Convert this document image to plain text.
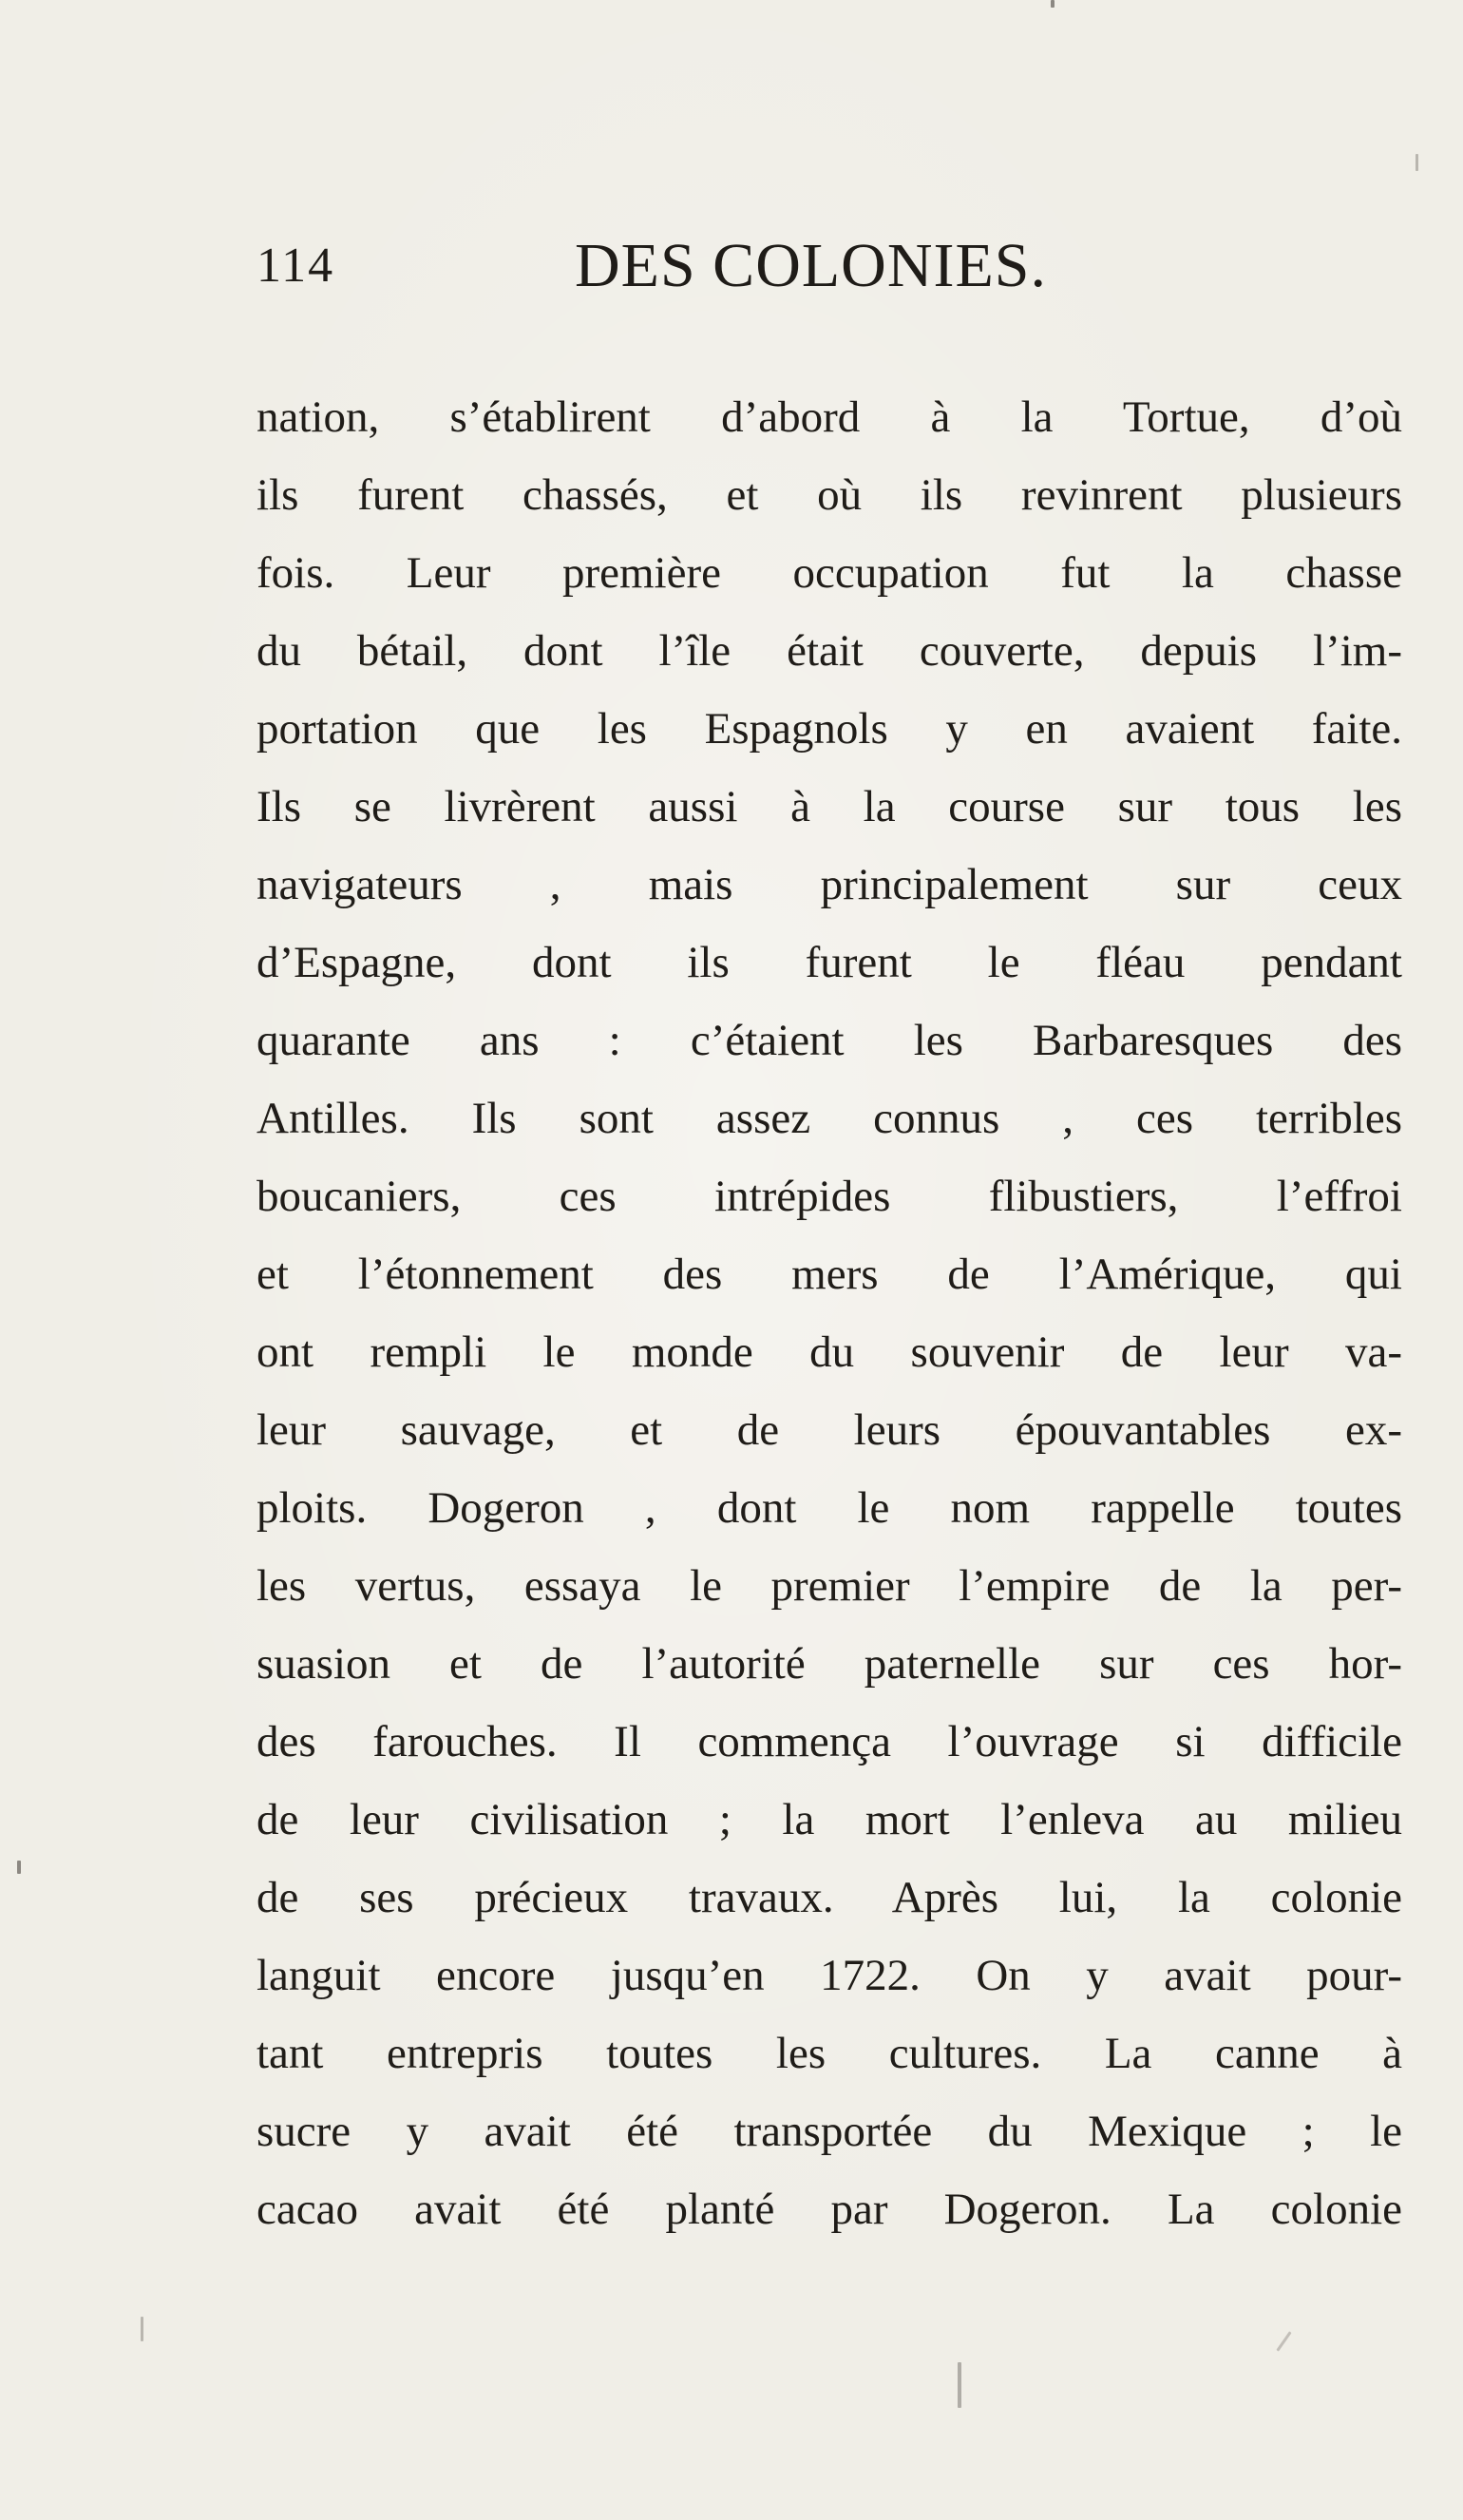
114	DES COLONIES.
nation, s’établirent d’abord à la Tortue, d’où
ils furent chassés, et où ils revinrent plusieurs
fois. Leur première occupation fut la chasse
du bétail, dont l’île était couverte, depuis l’im-
portation que les Espagnols y en avaient faite.
Ils se livrèrent aussi à la course sur tous les
navigateurs , mais principalement sur ceux
d’Espagne, dont ils furent le fléau pendant
quarante ans : c’étaient les Barbaresques des
Antilles. Ils sont assez connus , ces terribles
boucaniers, ces intrépides flibustiers, l’effroi
et l’étonnement des mers de l’Amérique, qui
ont rempli le monde du souvenir de leur va-
leur sauvage, et de leurs épouvantables ex-
ploits. Dogeron , dont le nom rappelle toutes
les vertus, essaya le premier l’empire de la per-
suasion et de l’autorité paternelle sur ces hor-
des farouches. Il commença l’ouvrage si difficile
de leur civilisation ; la mort l’enleva au milieu
de ses précieux travaux. Après lui, la colonie
languit encore jusqu’en 1722. On y avait pour-
tant entrepris toutes les cultures. La canne à
sucre y avait été transportée du Mexique ; le
cacao avait été planté par Dogeron. La colonie
